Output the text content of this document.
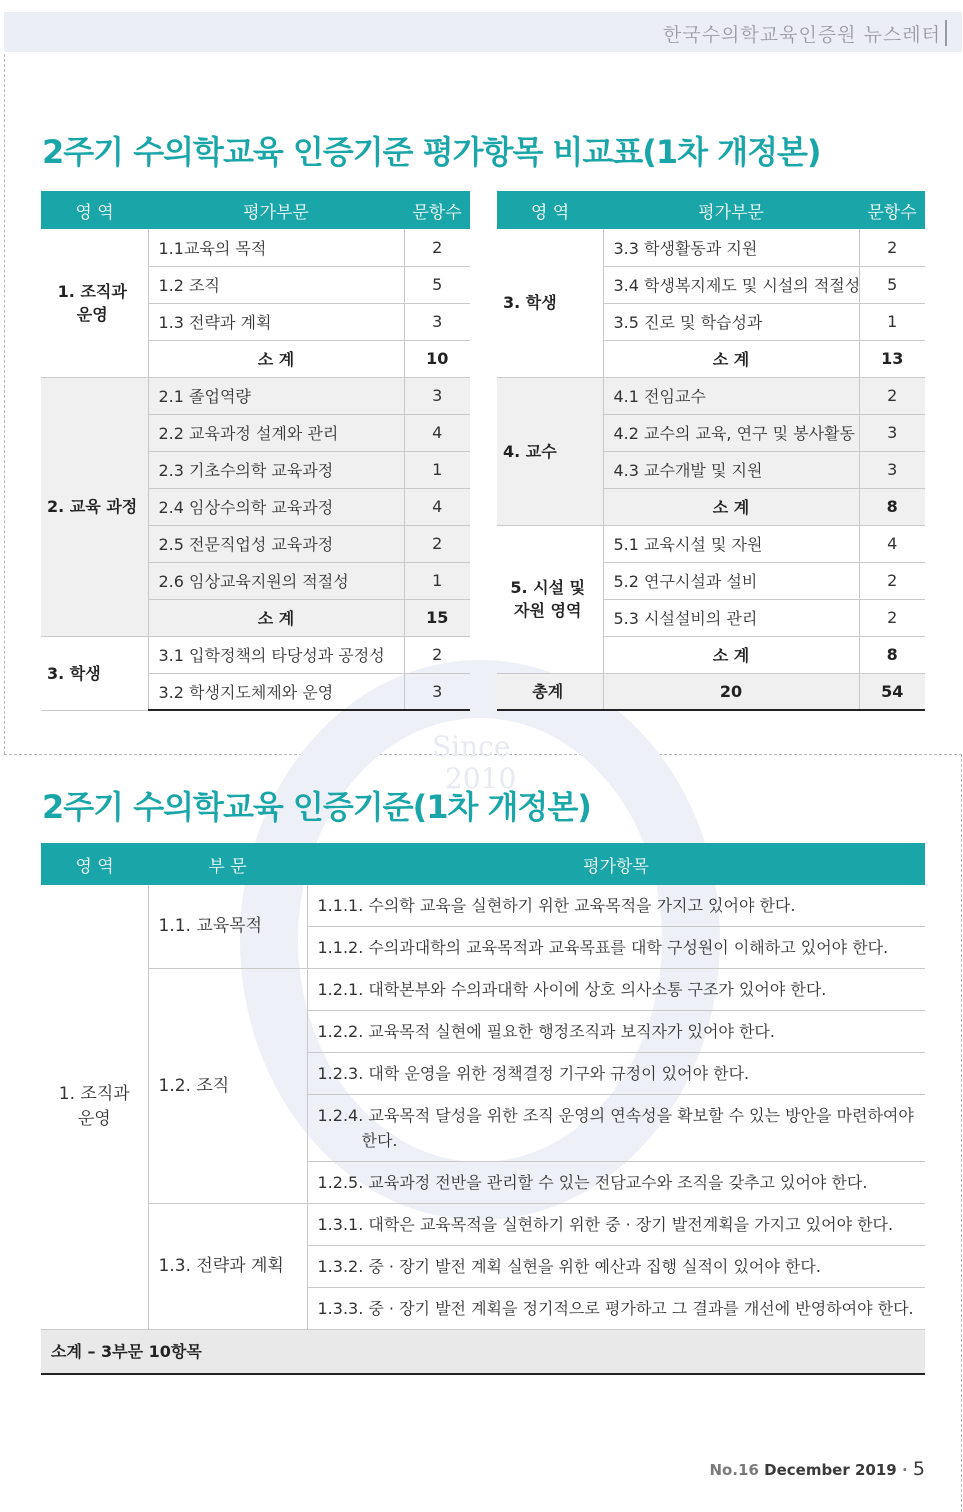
한국수의학교육인증원 뉴스레터
Since
2010
2주기 수의학교육 인증기준 평가항목 비교표(1차 개정본)
영 역	평가부문	문항수

1. 조직과
운영	1.1교육의 목적	2
	1.2 조직	5
	1.3 전략과 계획	3
	소 계	10
2. 교육 과정	2.1 졸업역량	3
	2.2 교육과정 설계와 관리	4
	2.3 기초수의학 교육과정	1
	2.4 임상수의학 교육과정	4
	2.5 전문직업성 교육과정	2
	2.6 임상교육지원의 적절성	1
	소 계	15
3. 학생	3.1 입학정책의 타당성과 공정성	2
	3.2 학생지도체제와 운영	3
영 역	평가부문	문항수
3. 학생	3.3 학생활동과 지원	2
	3.4 학생복지제도 및 시설의 적절성	5
	3.5 진로 및 학습성과	1
	소 계	13
4. 교수	4.1 전임교수	2
	4.2 교수의 교육, 연구 및 봉사활동	3
	4.3 교수개발 및 지원	3
	소 계	8

5. 시설 및
자원 영역	5.1 교육시설 및 자원	4
	5.2 연구시설과 설비	2
	5.3 시설설비의 관리	2
	소 계	8
총계	20	54
2주기 수의학교육 인증기준(1차 개정본)
영 역	부 문	평가항목
1. 조직과
운영	1.1. 교육목적	1.1.1. 수의학 교육을 실현하기 위한 교육목적을 가지고 있어야 한다.

		1.1.2. 수의과대학의 교육목적과 교육목표를 대학 구성원이 이해하고 있어야 한다.

	1.2. 조직	1.2.1. 대학본부와 수의과대학 사이에 상호 의사소통 구조가 있어야 한다.

		1.2.2. 교육목적 실현에 필요한 행정조직과 보직자가 있어야 한다.

		1.2.3. 대학 운영을 위한 정책결정 기구와 규정이 있어야 한다.

		1.2.4. 교육목적 달성을 위한 조직 운영의 연속성을 확보할 수 있는 방안을 마련하여야 한다.

		1.2.5. 교육과정 전반을 관리할 수 있는 전담교수와 조직을 갖추고 있어야 한다.

	1.3. 전략과 계획	1.3.1. 대학은 교육목적을 실현하기 위한 중 · 장기 발전계획을 가지고 있어야 한다.

		1.3.2. 중 · 장기 발전 계획 실현을 위한 예산과 집행 실적이 있어야 한다.

		1.3.3. 중 · 장기 발전 계획을 정기적으로 평가하고 그 결과를 개선에 반영하여야 한다.

소계 – 3부문 10항목		
No.16 December 2019 · 5
